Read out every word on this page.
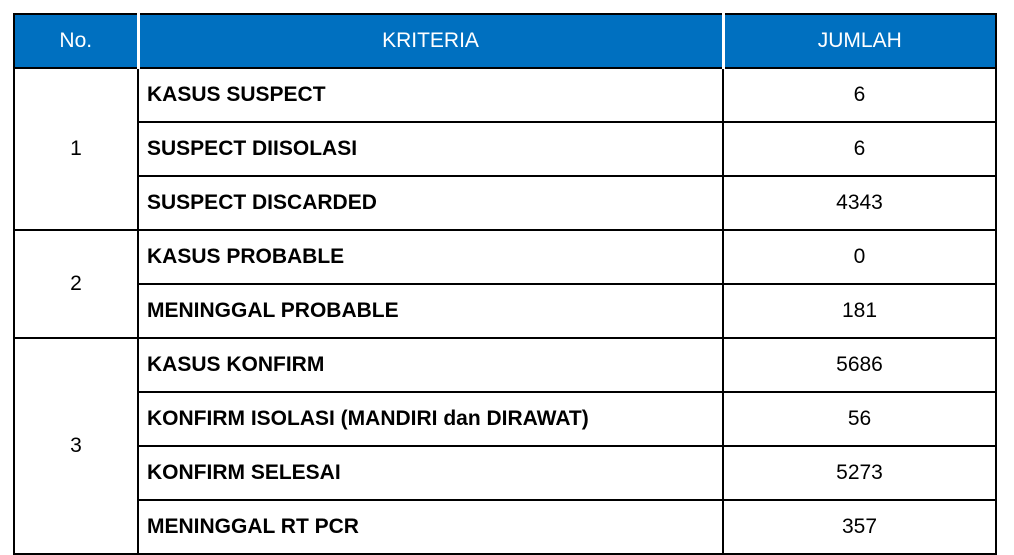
No.	KRITERIA	JUMLAH
1	KASUS SUSPECT	6
	SUSPECT DIISOLASI	6
	SUSPECT DISCARDED	4343
2	KASUS PROBABLE	0
	MENINGGAL PROBABLE	181
3	KASUS KONFIRM	5686
	KONFIRM ISOLASI (MANDIRI dan DIRAWAT)	56
	KONFIRM SELESAI	5273
	MENINGGAL RT PCR	357
